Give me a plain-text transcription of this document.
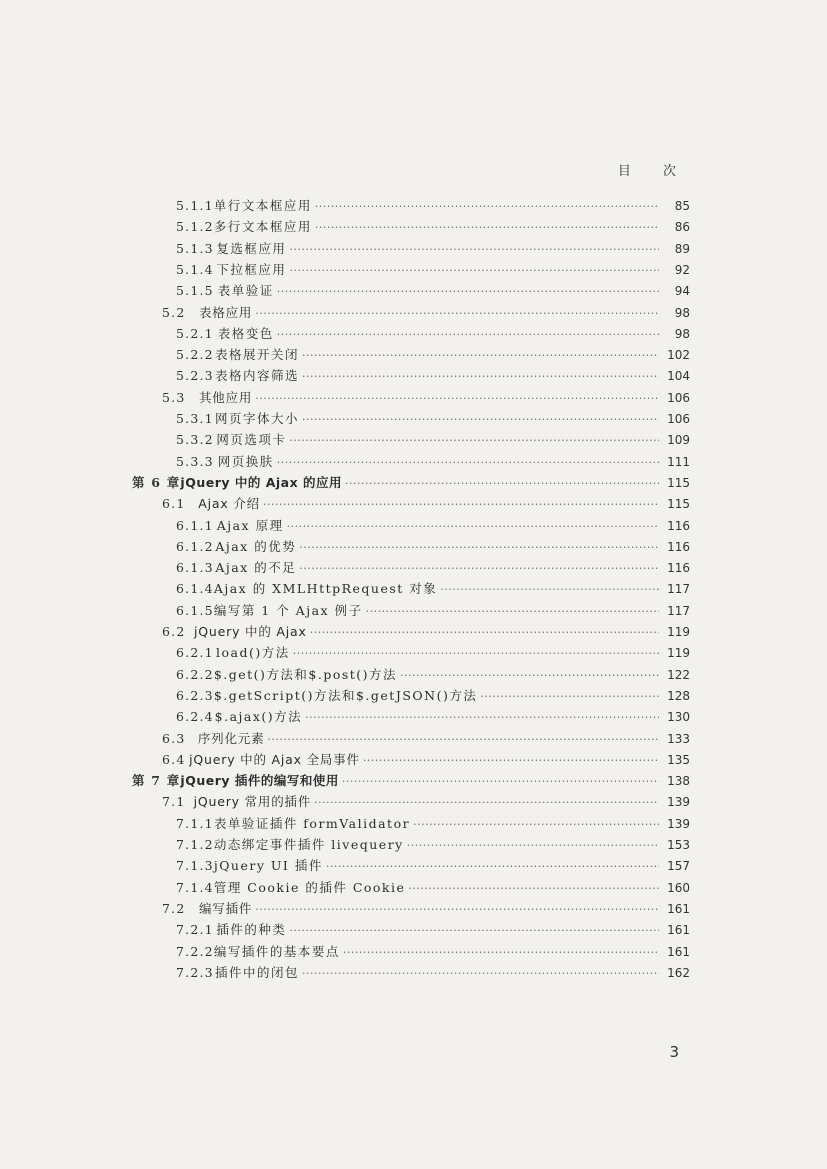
目 次
5.1.1 单行文本框应用 ·····	85
5.1.2 多行文本框应用 ·····	86
5.1.3 复选框应用 ·····	89
5.1.4 下拉框应用 ·····	92
5.1.5 表单验证 ·····	94
5.2	表格应用 ·····	98
5.2.1 表格变色 ·····	98
5.2.2 表格展开关闭 ·····	102
5.2.3 表格内容筛选 ·····	104
5.3	其他应用 ·····	106
5.3.1 网页字体大小 ·····	106
5.3.2 网页选项卡 ·····	109
5.3.3 网页换肤 ·····	111
第 6 章 jQuery 中的 Ajax 的应用 ·····	115
6.1	Ajax 介绍 ·····	115
6.1.1 Ajax 原理 ·····	116
6.1.2 Ajax 的优势 ·····	116
6.1.3 Ajax 的不足 ·····	116
6.1.4 Ajax 的 XMLHttpRequest 对象 ·····	117
6.1.5 编写第 1 个 Ajax 例子 ·····	117
6.2 jQuery 中的 Ajax ·····	119
6.2.1 load()方法 ·····	119
6.2.2 $.get()方法和$.post()方法 ·····	122
6.2.3 $.getScript()方法和$.getJSON()方法 ·····	128
6.2.4 $.ajax()方法 ·····	130
6.3 序列化元素 ·····	133
6.4 jQuery 中的 Ajax 全局事件 ·····	135
第 7 章 jQuery 插件的编写和使用 ·····	138
7.1 jQuery 常用的插件 ·····	139
7.1.1 表单验证插件 formValidator ·····	139
7.1.2 动态绑定事件插件 livequery ·····	153
7.1.3 jQuery UI 插件 ·····	157
7.1.4 管理 Cookie 的插件 Cookie ·····	160
7.2	编写插件 ·····	161
7.2.1 插件的种类 ·····	161
7.2.2 编写插件的基本要点 ·····	161
7.2.3 插件中的闭包 ·····	162
3
